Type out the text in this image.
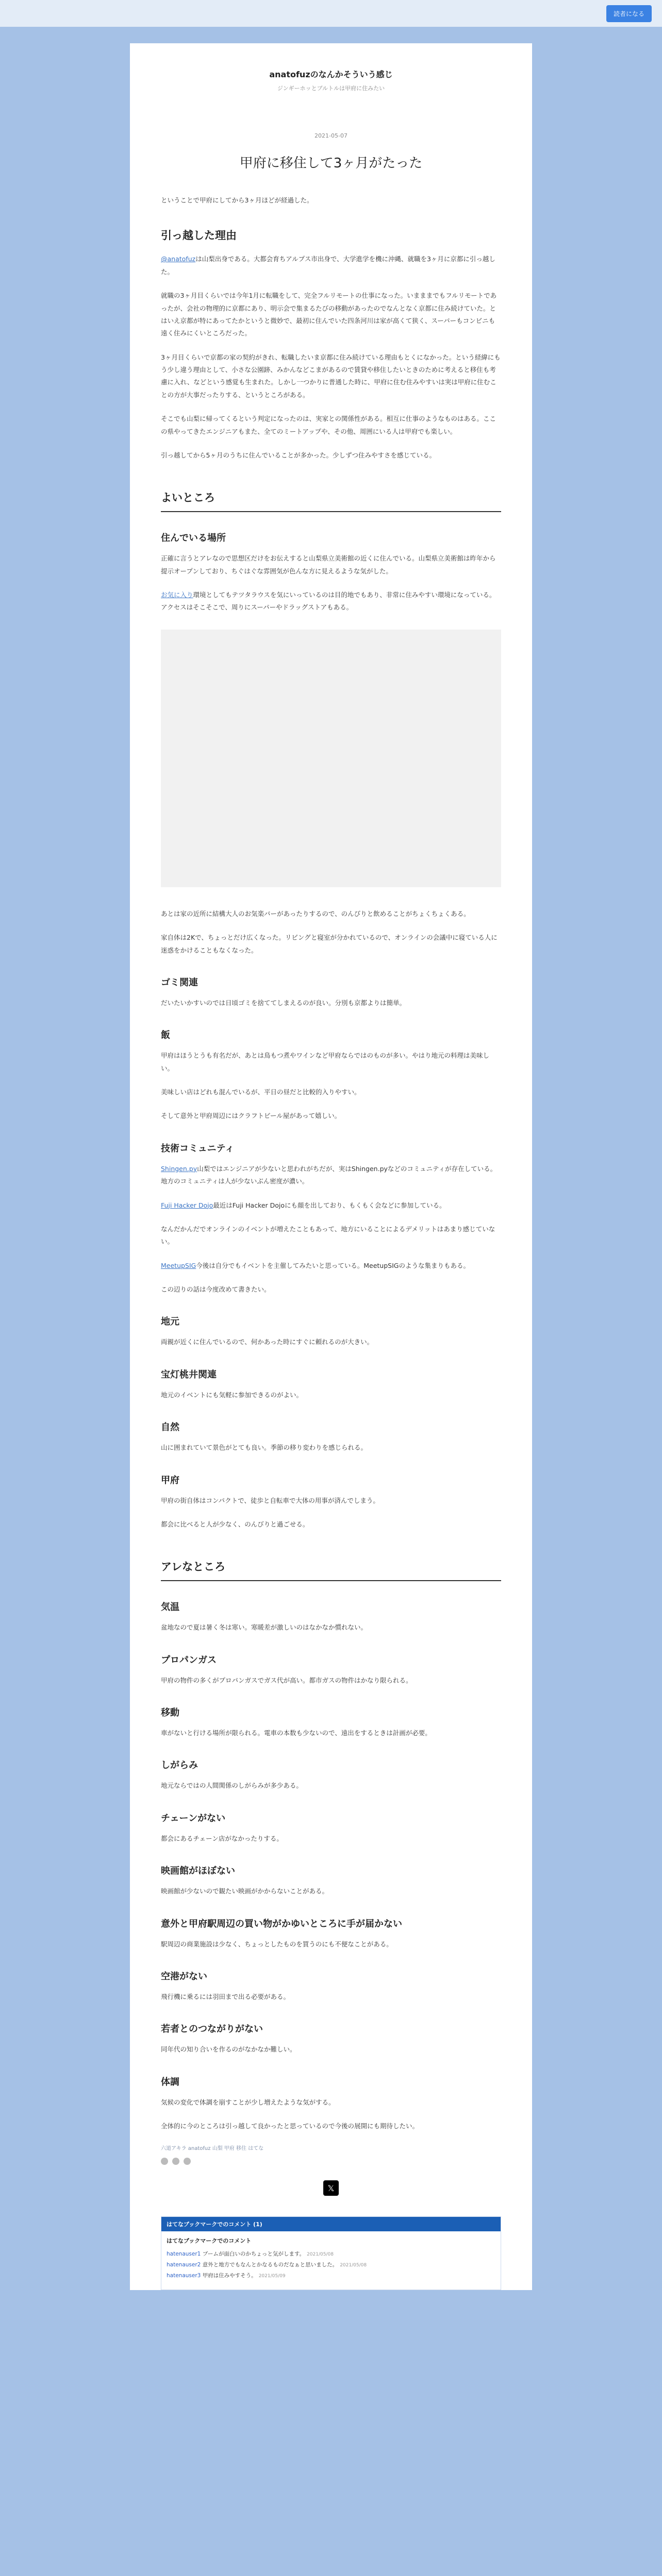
読者になる
anatofuzのなんかそういう感じ
ジンギーホッとブルトルは甲府に住みたい
2021-05-07
甲府に移住して3ヶ月がたった

ということで甲府にしてから3ヶ月ほどが経過した。

引っ越した理由

@anatofuzは山梨出身である。大都会育ちアルプス市出身で、大学進学を機に沖縄、就職を3ヶ月に京都に引っ越した。

就職の3ヶ月目くらいでは今年1月に転職をして、完全フルリモートの仕事になった。いまままでもフルリモートであったが、会社の物理的に京都にあり、明示会で集まるたびの移動があったのでなんとなく京都に住み続けていた。とはいえ京都が特にあってたかというと微妙で、最初に住んでいた四条河川は家が高くて狭く、スーパーもコンビニも遠く住みにくいところだった。

3ヶ月目くらいで京都の家の契約がきれ、転職したいま京都に住み続けている理由もとくになかった。という経緯にもう少し違う理由として、小さな公園跡、みかんなどこまがあるので賃貸や移住したいときのために考えると移住も考慮に入れ、などという感覚も生まれた。しかし一つかりに普通した時に、甲府に住む住みやすいは実は甲府に住むことの方が大事だったりする、というところがある。

そこでも山梨に帰ってくるという判定になったのは、実家との関係性がある。相互に仕事のようなものはある。ここの県やってきたエンジニアもまた、全てのミートアップや、その他、周囲にいる人は甲府でも楽しい。

引っ越してから5ヶ月のうちに住んでいることが多かった。少しずつ住みやすさを感じている。

よいところ
住んでいる場所

正確に言うとアレなので思想区だけをお伝えすると山梨県立美術館の近くに住んでいる。山梨県立美術館は昨年から提示オープンしており、ちぐはぐな雰囲気が色んな方に見えるような気がした。

お気に入り環境としてもテツタラウスを気にいっているのは目的地でもあり、非常に住みやすい環境になっている。アクセスはそこそこで、周りにスーパーやドラッグストアもある。

あとは家の近所に結構大人のお気楽バーがあったりするので、のんびりと飲めることがちょくちょくある。

家自体は2Kで、ちょっとだけ広くなった。リビングと寝室が分かれているので、オンラインの会議中に寝ている人に迷惑をかけることもなくなった。

ゴミ関連

だいたいかすいのでは日頃ゴミを捨ててしまえるのが良い。分別も京都よりは簡単。

飯

甲府はほうとうも有名だが、あとは鳥もつ煮やワインなど甲府ならではのものが多い。やはり地元の料理は美味しい。

美味しい店はどれも混んでいるが、平日の昼だと比較的入りやすい。

そして意外と甲府周辺にはクラフトビール屋があって嬉しい。

技術コミュニティ

Shingen.py山梨ではエンジニアが少ないと思われがちだが、実はShingen.pyなどのコミュニティが存在している。地方のコミュニティは人が少ないぶん密度が濃い。

Fuji Hacker Dojo最近はFuji Hacker Dojoにも顔を出しており、もくもく会などに参加している。

なんだかんだでオンラインのイベントが増えたこともあって、地方にいることによるデメリットはあまり感じていない。

MeetupSIG今後は自分でもイベントを主催してみたいと思っている。MeetupSIGのような集まりもある。

この辺りの話は今度改めて書きたい。

地元

両親が近くに住んでいるので、何かあった時にすぐに頼れるのが大きい。

宝灯桃井関連

地元のイベントにも気軽に参加できるのがよい。

自然

山に囲まれていて景色がとても良い。季節の移り変わりを感じられる。

甲府

甲府の街自体はコンパクトで、徒歩と自転車で大体の用事が済んでしまう。

都会に比べると人が少なく、のんびりと過ごせる。

アレなところ
気温

盆地なので夏は暑く冬は寒い。寒暖差が激しいのはなかなか慣れない。

プロパンガス

甲府の物件の多くがプロパンガスでガス代が高い。都市ガスの物件はかなり限られる。

移動

車がないと行ける場所が限られる。電車の本数も少ないので、遠出をするときは計画が必要。

しがらみ

地元ならではの人間関係のしがらみが多少ある。

チェーンがない

都会にあるチェーン店がなかったりする。

映画館がほぼない

映画館が少ないので観たい映画がかからないことがある。

意外と甲府駅周辺の買い物がかゆいところに手が届かない

駅周辺の商業施設は少なく、ちょっとしたものを買うのにも不便なことがある。

空港がない

飛行機に乗るには羽田まで出る必要がある。

若者とのつながりがない

同年代の知り合いを作るのがなかなか難しい。

体調

気候の変化で体調を崩すことが少し増えたような気がする。

全体的に今のところは引っ越して良かったと思っているので今後の展開にも期待したい。

六道アキラ anatofuz 山梨 甲府 移住 はてな
𝕏
はてなブックマークでのコメント (1)
はてなブックマークでのコメント
hatenauser1 ブームが面白いのかちょっと気がします。 2021/05/08
hatenauser2 意外と地方でもなんとかなるものだなぁと思いました。 2021/05/08
hatenauser3 甲府は住みやすそう。 2021/05/09
